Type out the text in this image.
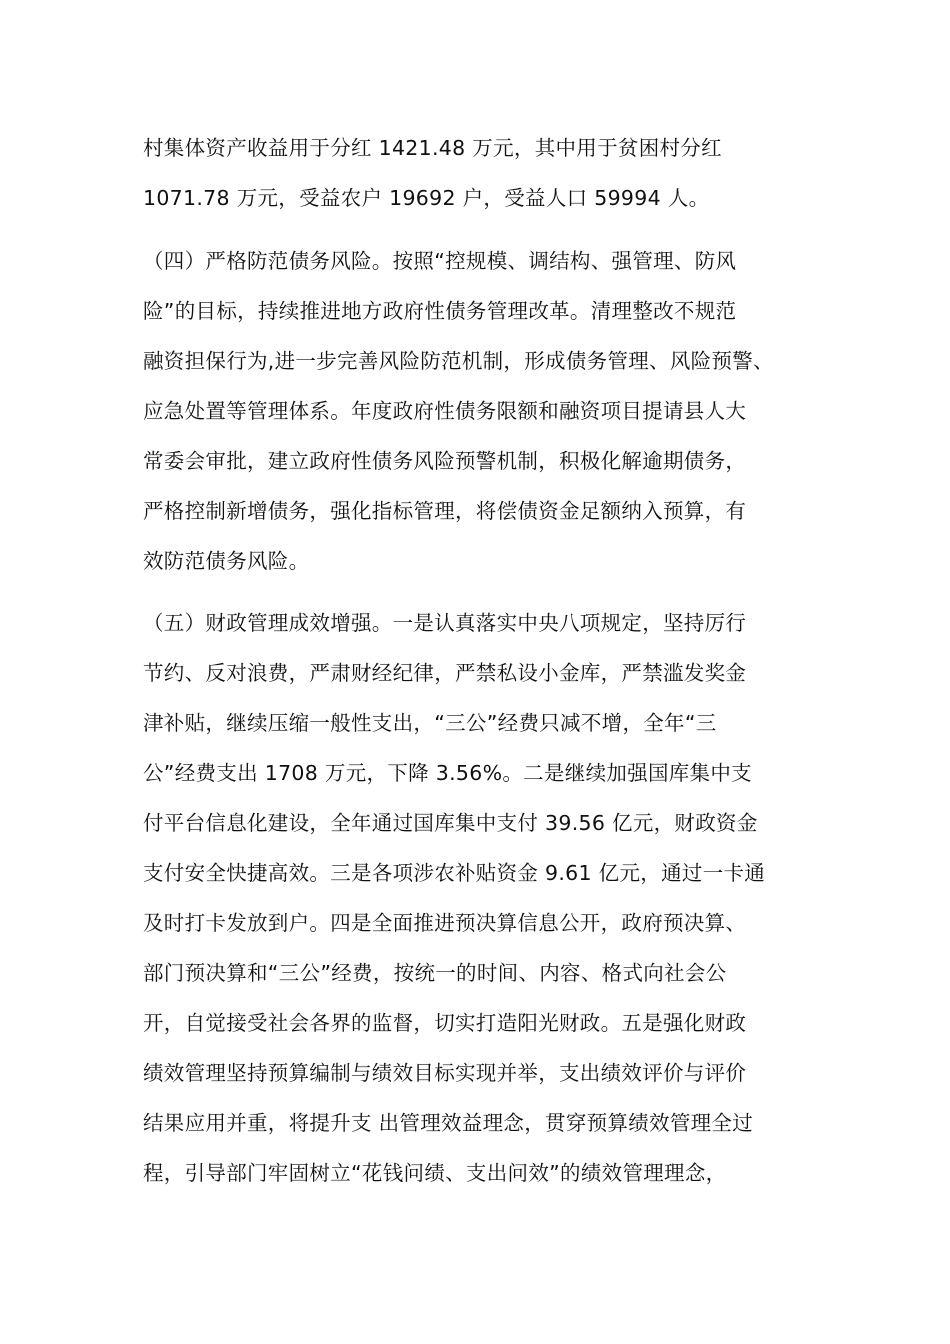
村集体资产收益用于分红 1421.48 万元，其中用于贫困村分红
1071.78 万元，受益农户 19692 户，受益人口 59994 人。
（四）严格防范债务风险。按照“控规模、调结构、强管理、防风
险”的目标，持续推进地方政府性债务管理改革。清理整改不规范
融资担保行为,进一步完善风险防范机制，形成债务管理、风险预警、
应急处置等管理体系。年度政府性债务限额和融资项目提请县人大
常委会审批，建立政府性债务风险预警机制，积极化解逾期债务，
严格控制新增债务，强化指标管理，将偿债资金足额纳入预算，有
效防范债务风险。
（五）财政管理成效增强。一是认真落实中央八项规定，坚持厉行
节约、反对浪费，严肃财经纪律，严禁私设小金库，严禁滥发奖金
津补贴，继续压缩一般性支出，“三公”经费只减不增，全年“三
公”经费支出 1708 万元，下降 3.56%。二是继续加强国库集中支
付平台信息化建设，全年通过国库集中支付 39.56 亿元，财政资金
支付安全快捷高效。三是各项涉农补贴资金 9.61 亿元，通过一卡通
及时打卡发放到户。四是全面推进预决算信息公开，政府预决算、
部门预决算和“三公”经费，按统一的时间、内容、格式向社会公
开，自觉接受社会各界的监督，切实打造阳光财政。五是强化财政
绩效管理坚持预算编制与绩效目标实现并举，支出绩效评价与评价
结果应用并重，将提升支 出管理效益理念，贯穿预算绩效管理全过
程，引导部门牢固树立“花钱问绩、支出问效”的绩效管理理念，
